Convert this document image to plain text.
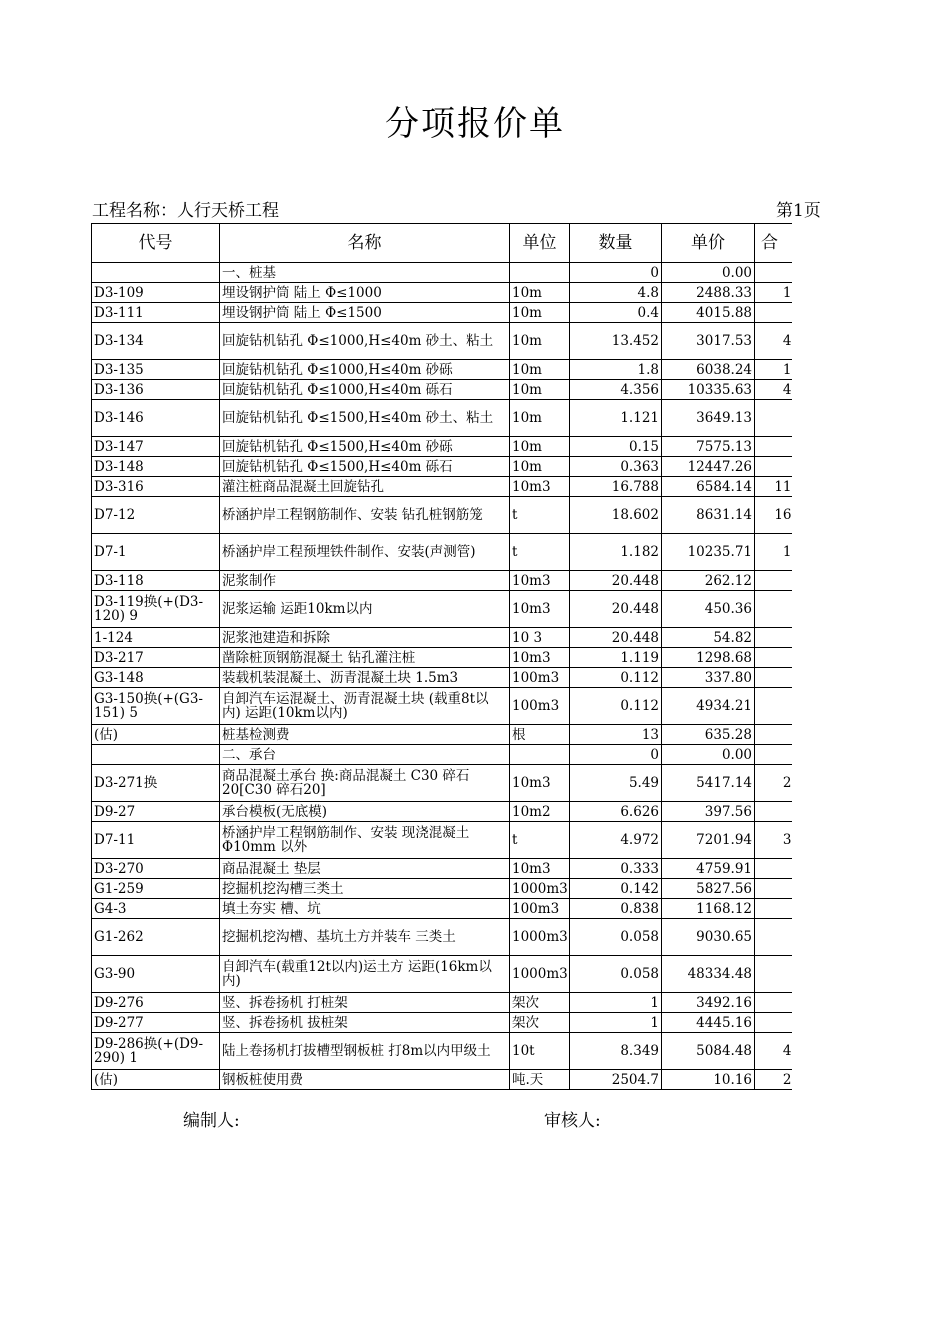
分项报价单
工程名称：人行天桥工程	第1页
代号	名称	单位	数量	单价	合
	一、桩基		0	0.00	
D3-109	埋设钢护筒 陆上 Φ≤1000	10m	4.8	2488.33	1
D3-111	埋设钢护筒 陆上 Φ≤1500	10m	0.4	4015.88	
D3-134	回旋钻机钻孔 Φ≤1000,H≤40m 砂土、粘土	10m	13.452	3017.53	4
D3-135	回旋钻机钻孔 Φ≤1000,H≤40m 砂砾	10m	1.8	6038.24	1
D3-136	回旋钻机钻孔 Φ≤1000,H≤40m 砾石	10m	4.356	10335.63	4
D3-146	回旋钻机钻孔 Φ≤1500,H≤40m 砂土、粘土	10m	1.121	3649.13	
D3-147	回旋钻机钻孔 Φ≤1500,H≤40m 砂砾	10m	0.15	7575.13	
D3-148	回旋钻机钻孔 Φ≤1500,H≤40m 砾石	10m	0.363	12447.26	
D3-316	灌注桩商品混凝土回旋钻孔	10m3	16.788	6584.14	11
D7-12	桥涵护岸工程钢筋制作、安装 钻孔桩钢筋笼	t	18.602	8631.14	16
D7-1	桥涵护岸工程预埋铁件制作、安装(声测管)	t	1.182	10235.71	1
D3-118	泥浆制作	10m3	20.448	262.12	
D3-119换(+(D3-120) 9	泥浆运输 运距10km以内	10m3	20.448	450.36	
1-124	泥浆池建造和拆除	10 3	20.448	54.82	
D3-217	凿除桩顶钢筋混凝土 钻孔灌注桩	10m3	1.119	1298.68	
G3-148	装载机装混凝土、沥青混凝土块 1.5m3	100m3	0.112	337.80	
G3-150换(+(G3-151) 5	自卸汽车运混凝土、沥青混凝土块 (载重8t以内) 运距(10km以内)	100m3	0.112	4934.21	
(估)	桩基检测费	根	13	635.28	
	二、承台		0	0.00	
D3-271换	商品混凝土承台 换:商品混凝土 C30 碎石20[C30 碎石20]	10m3	5.49	5417.14	2
D9-27	承台模板(无底模)	10m2	6.626	397.56	
D7-11	桥涵护岸工程钢筋制作、安装 现浇混凝土 Φ10mm 以外	t	4.972	7201.94	3
D3-270	商品混凝土 垫层	10m3	0.333	4759.91	
G1-259	挖掘机挖沟槽三类土	1000m3	0.142	5827.56	
G4-3	填土夯实 槽、坑	100m3	0.838	1168.12	
G1-262	挖掘机挖沟槽、基坑土方并装车 三类土	1000m3	0.058	9030.65	
G3-90	自卸汽车(载重12t以内)运土方 运距(16km以内)	1000m3	0.058	48334.48	
D9-276	竖、拆卷扬机 打桩架	架次	1	3492.16	
D9-277	竖、拆卷扬机 拔桩架	架次	1	4445.16	
D9-286换(+(D9-290) 1	陆上卷扬机打拔槽型钢板桩 打8m以内甲级土	10t	8.349	5084.48	4
(估)	钢板桩使用费	吨.天	2504.7	10.16	2
编制人:	审核人:
